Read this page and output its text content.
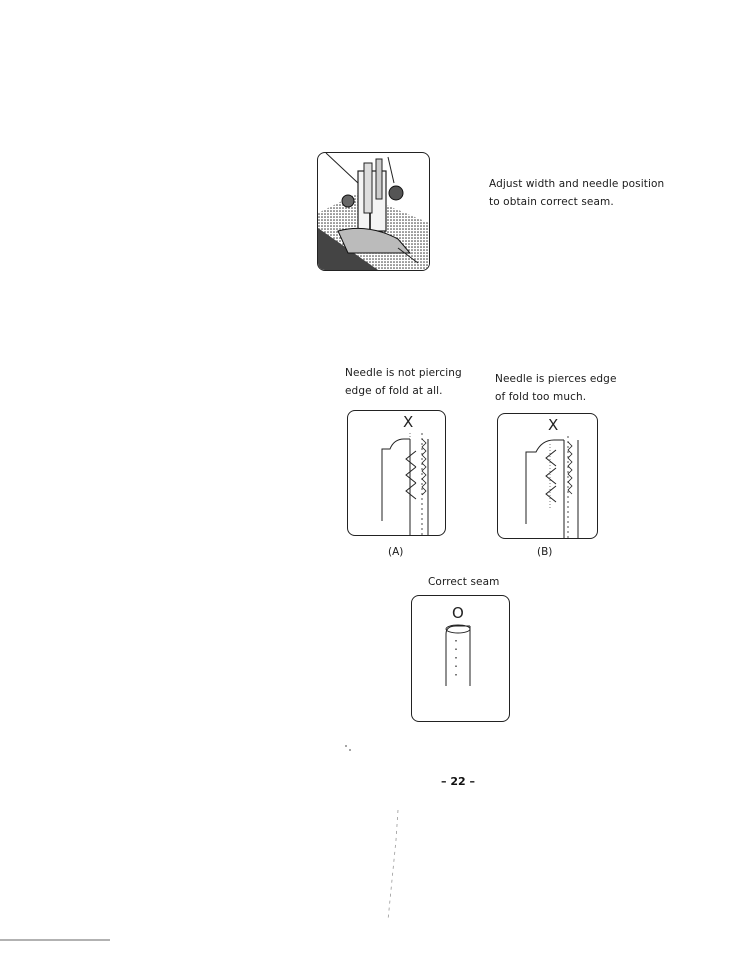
Adjust width and needle position
to obtain correct seam.
Needle is not piercing
edge of fold at all.
Needle is pierces edge
of fold too much.
X
(A)
X
(B)
Correct seam
O
– 22 –
